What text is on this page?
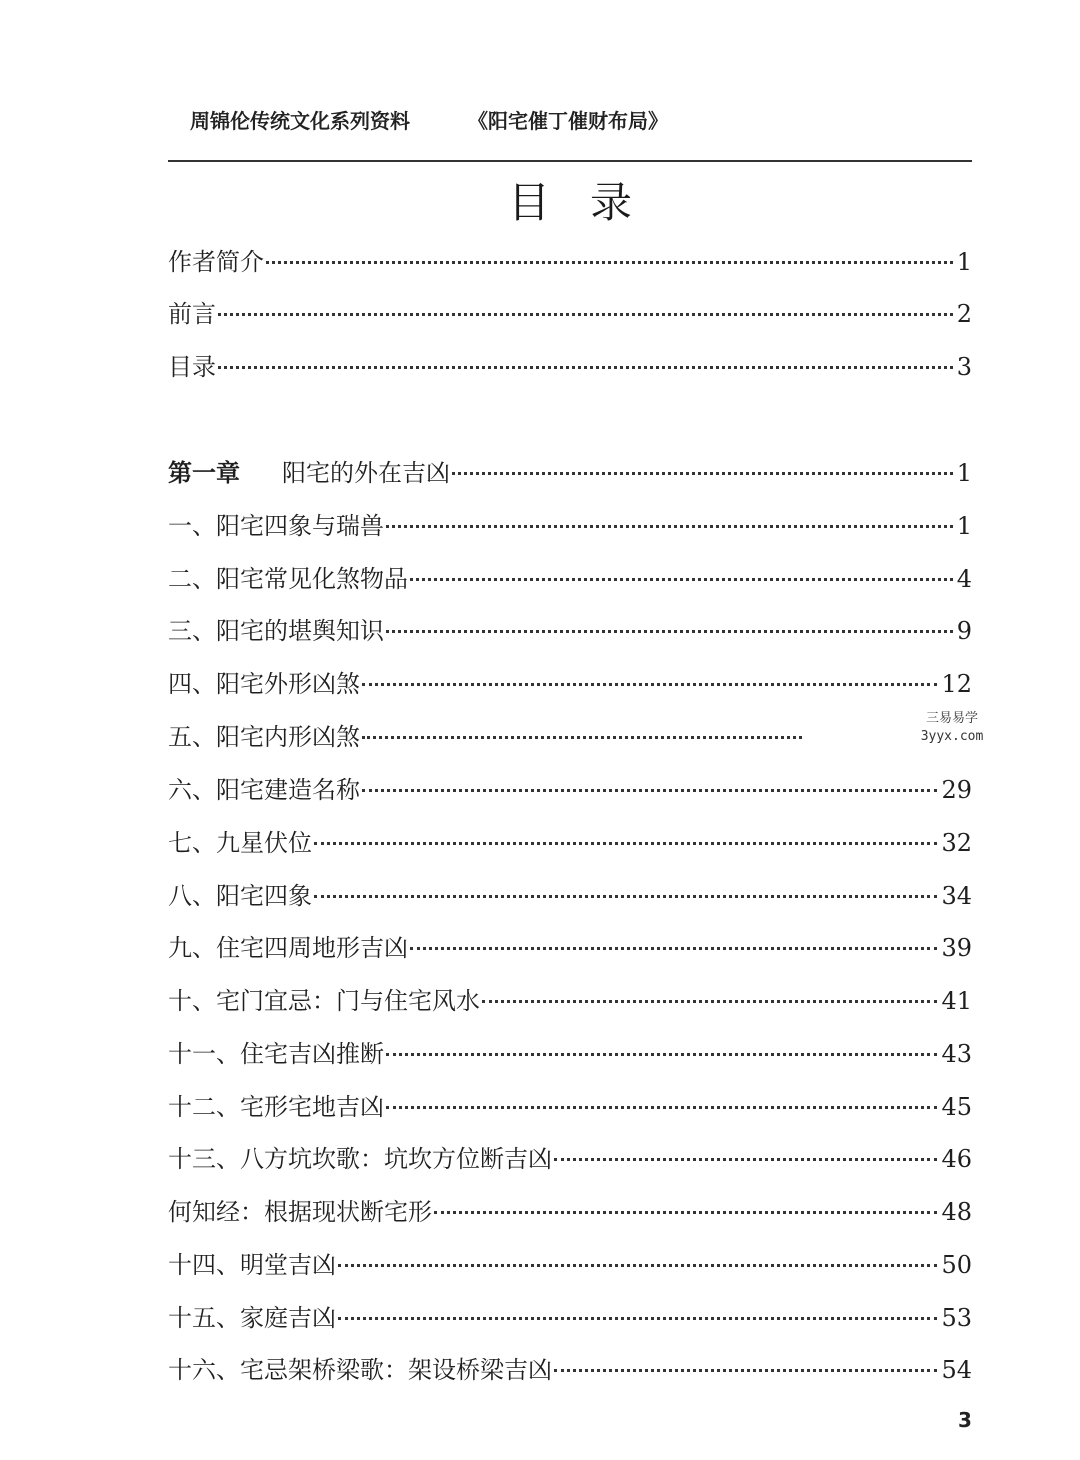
周锦伦传统文化系列资料	《阳宅催丁催财布局》
目录
作者简介	1
前言	2
目录	3
第一章 阳宅的外在吉凶	1
一、阳宅四象与瑞兽	1
二、阳宅常见化煞物品	4
三、阳宅的堪舆知识	9
四、阳宅外形凶煞	12
五、阳宅内形凶煞
六、阳宅建造名称	29
七、九星伏位	32
八、阳宅四象	34
九、住宅四周地形吉凶	39
十、宅门宜忌：门与住宅风水	41
十一、住宅吉凶推断	43
十二、宅形宅地吉凶	45
十三、八方坑坎歌：坑坎方位断吉凶	46
何知经：根据现状断宅形	48
十四、明堂吉凶	50
十五、家庭吉凶	53
十六、宅忌架桥梁歌：架设桥梁吉凶	54
三易易学
3yyx.com
3
